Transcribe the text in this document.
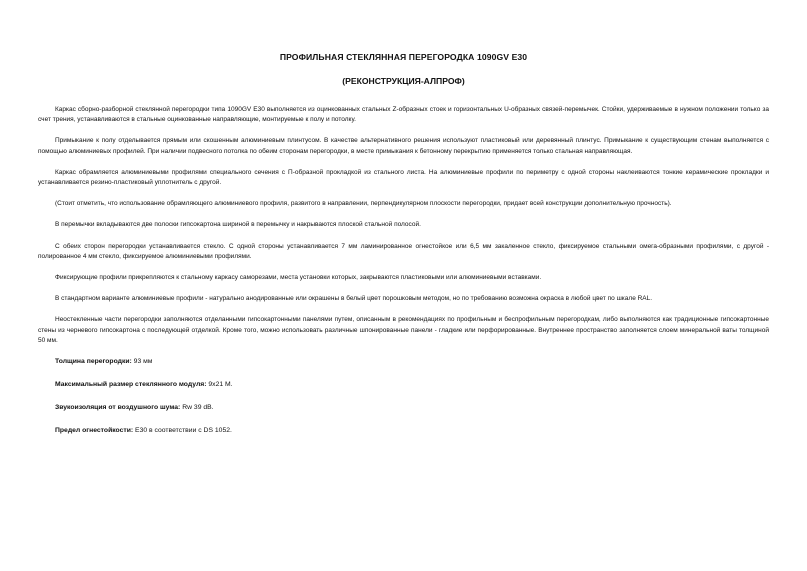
ПРОФИЛЬНАЯ СТЕКЛЯННАЯ ПЕРЕГОРОДКА 1090GV E30

(РЕКОНСТРУКЦИЯ-АЛПРОФ)

Каркас сборно-разборной стеклянной перегородки типа 1090GV E30 выполняется из оцинкованных стальных Z-образных стоек и горизонтальных U-образных связей-перемычек. Стойки, удерживаемые в нужном положении только за счет трения, устанавливаются в стальные оцинкованные направляющие, монтируемые к полу и потолку.

Примыкание к полу отделывается прямым или скошенным алюминиевым плинтусом. В качестве альтернативного решения используют пластиковый или деревянный плинтус. Примыкание к существующим стенам выполняется с помощью алюминиевых профилей. При наличии подвесного потолка по обеим сторонам перегородки, в месте примыкания к бетонному перекрытию применяется только стальная направляющая.

Каркас обрамляется алюминиевыми профилями специального сечения с П-образной прокладкой из стального листа. На алюминиевые профили по периметру с одной стороны наклеиваются тонкие керамические прокладки и устанавливается резино-пластиковый уплотнитель с другой.

(Стоит отметить, что использование обрамляющего алюминиевого профиля, развитого в направлении, перпендикулярном плоскости перегородки, придает всей конструкции дополнительную прочность).

В перемычки вкладываются две полоски гипсокартона шириной в перемычку и накрываются плоской стальной полосой.

С обеих сторон перегородки устанавливается стекло. С одной стороны устанавливается 7 мм ламинированное огнестойкое или 6,5 мм закаленное стекло, фиксируемое стальными омега-образными профилями, с другой - полированное 4 мм стекло, фиксируемое алюминиевыми профилями.

Фиксирующие профили прикрепляются к стальному каркасу саморезами, места установки которых, закрываются пластиковыми или алюминиевыми вставками.

В стандартном варианте алюминиевые профили - натурально анодированные или окрашены в белый цвет порошковым методом, но по требованию возможна окраска в любой цвет по шкале RAL.

Неостекленные части перегородки заполняются отделанными гипсокартонными панелями путем, описанным в рекомендациях по профильным и беспрофильным перегородкам, либо выполняются как традиционные гипсокартонные стены из черневого гипсокартона с последующей отделкой. Кроме того, можно использовать различные шпонированные панели - гладкие или перфорированные. Внутреннее пространство заполняется слоем минеральной ваты толщиной 50 мм.

Толщина перегородки: 93 мм

Максимальный размер стеклянного модуля: 9x21 М.

Звукоизоляция от воздушного шума: Rw 39 dB.

Предел огнестойкости: E30 в соответствии с DS 1052.
